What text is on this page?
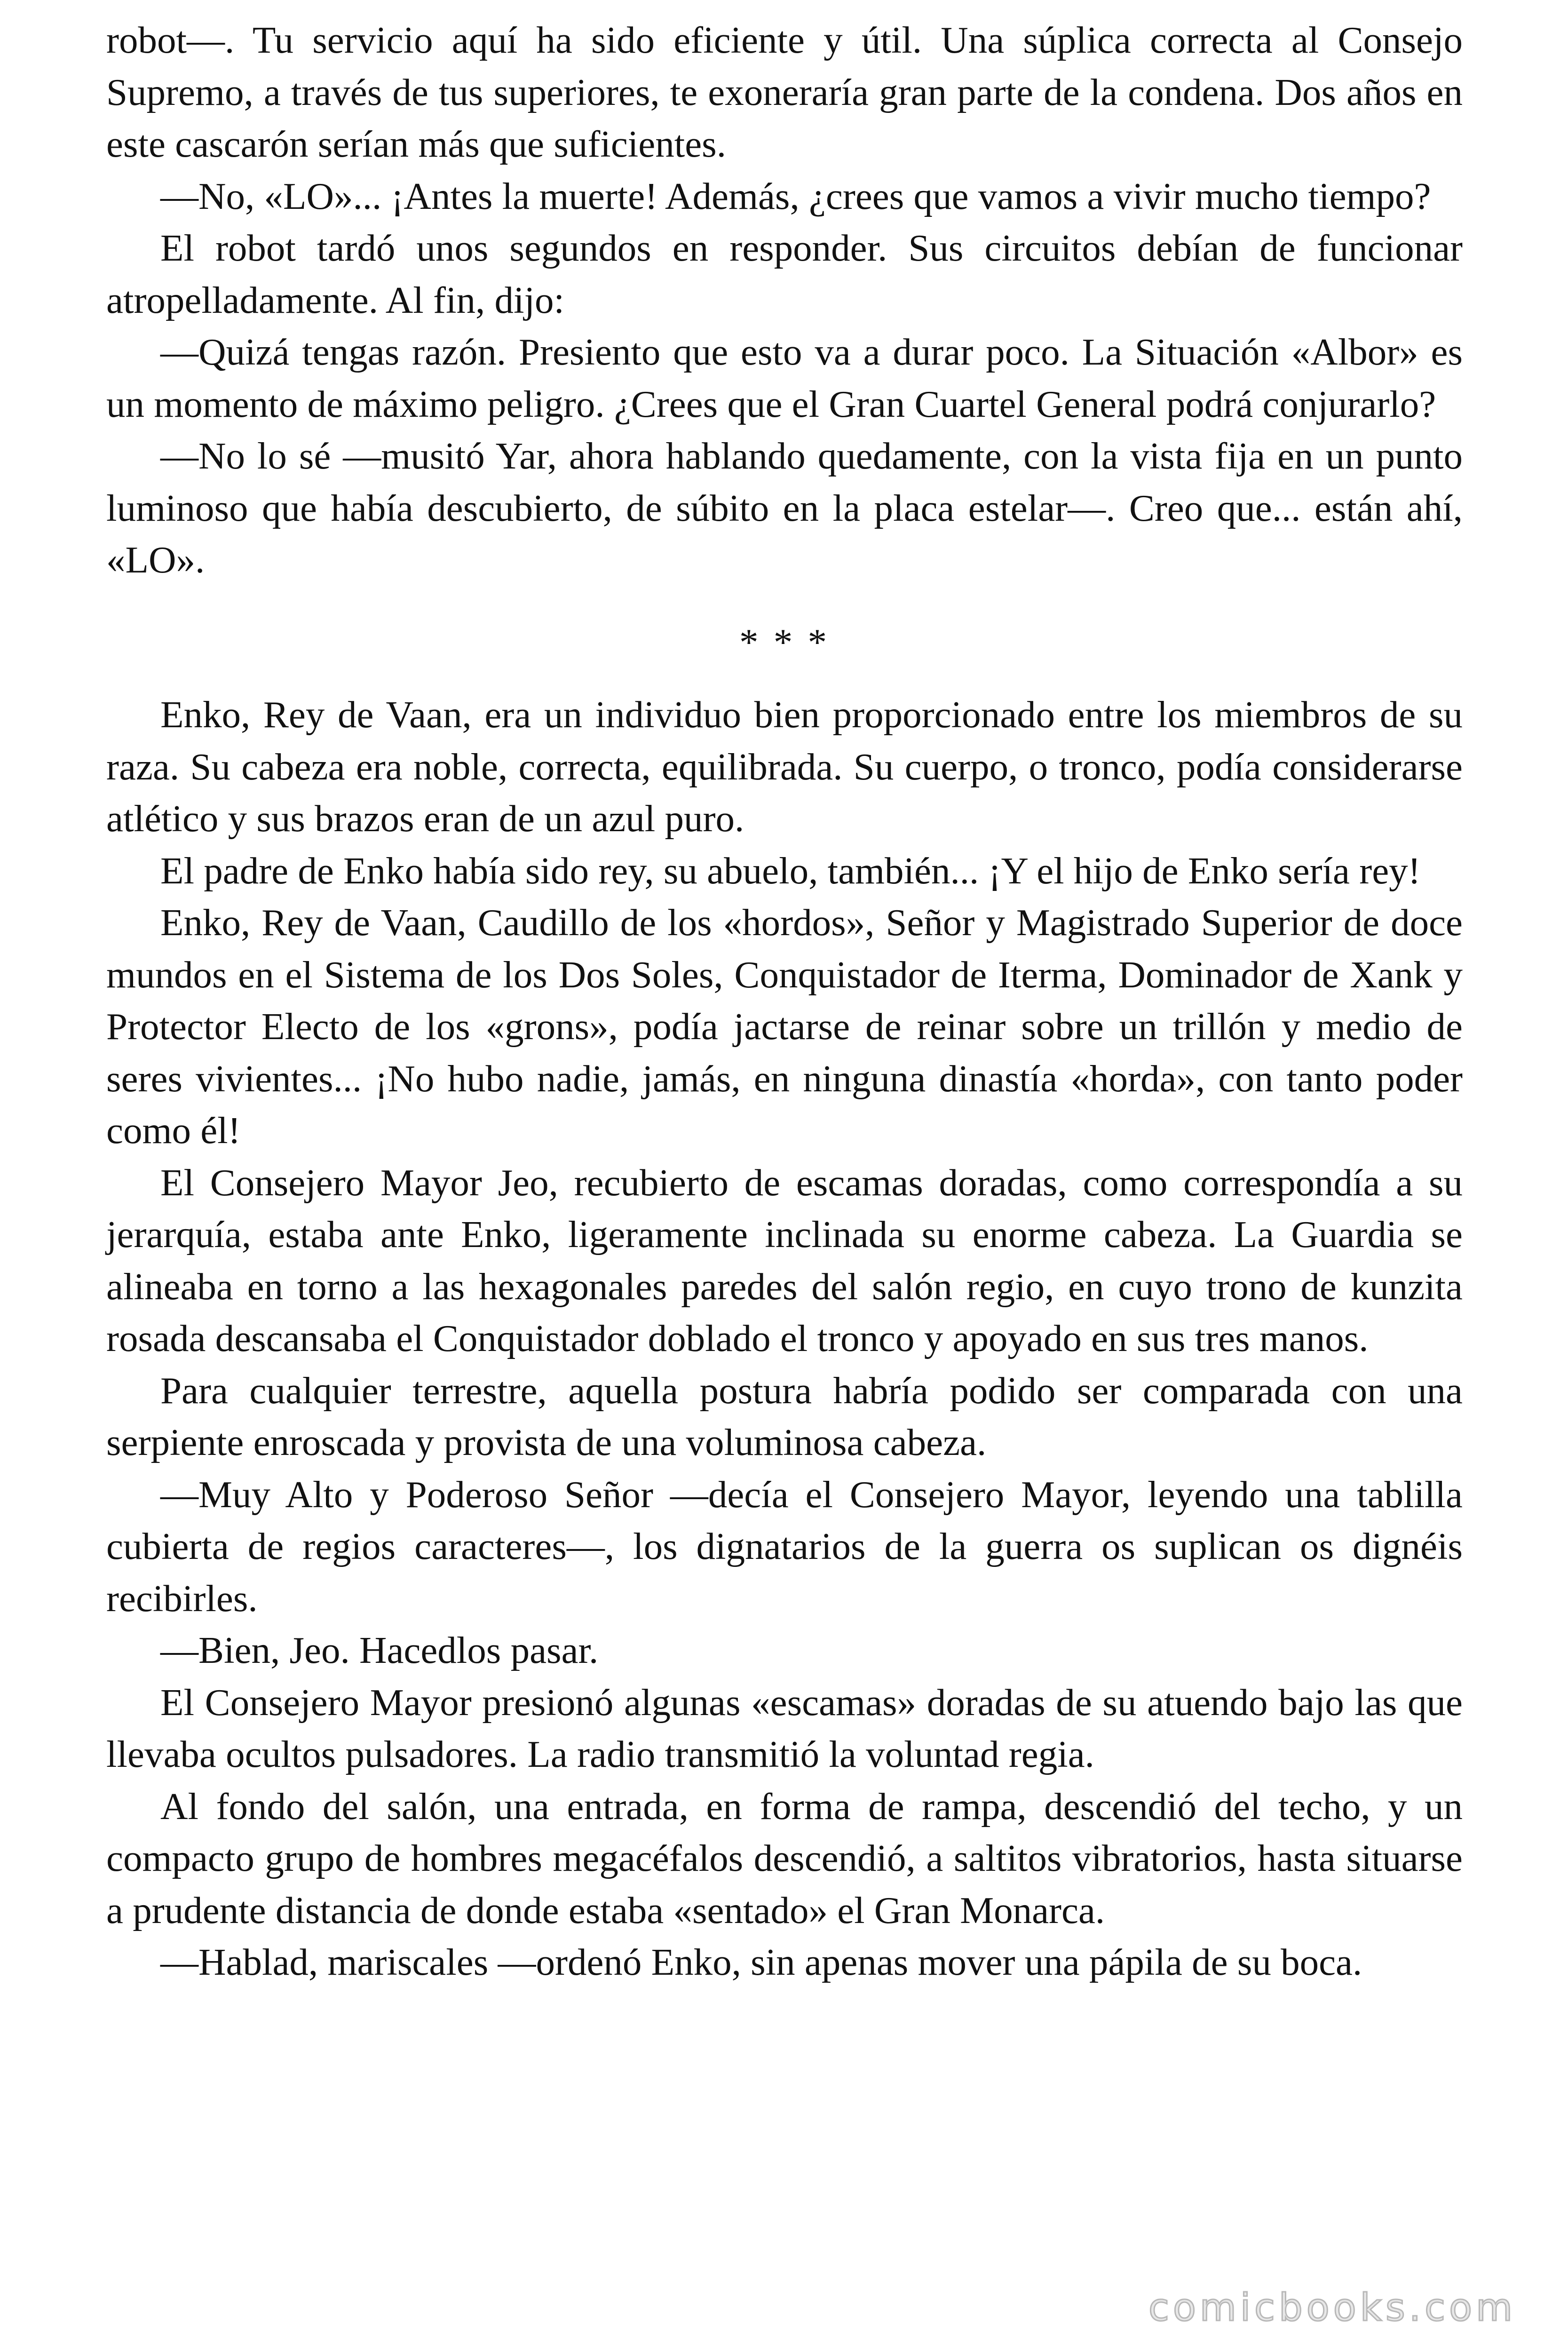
robot—. Tu servicio aquí ha sido eficiente y útil. Una súplica correcta al Consejo Supremo, a través de tus superiores, te exoneraría gran parte de la condena. Dos años en este cascarón serían más que suficientes.

—No, «LO»... ¡Antes la muerte! Además, ¿crees que vamos a vivir mucho tiempo?

El robot tardó unos segundos en responder. Sus circuitos debían de funcionar atropelladamente. Al fin, dijo:

—Quizá tengas razón. Presiento que esto va a durar poco. La Situación «Albor» es un momento de máximo peligro. ¿Crees que el Gran Cuartel General podrá conjurarlo?

—No lo sé —musitó Yar, ahora hablando quedamente, con la vista fija en un punto luminoso que había descubierto, de súbito en la placa estelar—. Creo que... están ahí, «LO».

* * *

Enko, Rey de Vaan, era un individuo bien proporcionado entre los miembros de su raza. Su cabeza era noble, correcta, equilibrada. Su cuerpo, o tronco, podía considerarse atlético y sus brazos eran de un azul puro.

El padre de Enko había sido rey, su abuelo, también... ¡Y el hijo de Enko sería rey!

Enko, Rey de Vaan, Caudillo de los «hordos», Señor y Magistrado Superior de doce mundos en el Sistema de los Dos Soles, Conquistador de Iterma, Dominador de Xank y Protector Electo de los «grons», podía jactarse de reinar sobre un trillón y medio de seres vivientes... ¡No hubo nadie, jamás, en ninguna dinastía «horda», con tanto poder como él!

El Consejero Mayor Jeo, recubierto de escamas doradas, como correspondía a su jerarquía, estaba ante Enko, ligeramente inclinada su enorme cabeza. La Guardia se alineaba en torno a las hexagonales paredes del salón regio, en cuyo trono de kunzita rosada descansaba el Conquistador doblado el tronco y apoyado en sus tres manos.

Para cualquier terrestre, aquella postura habría podido ser comparada con una serpiente enroscada y provista de una voluminosa cabeza.

—Muy Alto y Poderoso Señor —decía el Consejero Mayor, leyendo una tablilla cubierta de regios caracteres—, los dignatarios de la guerra os suplican os dignéis recibirles.

—Bien, Jeo. Hacedlos pasar.

El Consejero Mayor presionó algunas «escamas» doradas de su atuendo bajo las que llevaba ocultos pulsadores. La radio transmitió la voluntad regia.

Al fondo del salón, una entrada, en forma de rampa, descendió del techo, y un compacto grupo de hombres megacéfalos descendió, a saltitos vibratorios, hasta situarse a prudente distancia de donde estaba «sentado» el Gran Monarca.

—Hablad, mariscales —ordenó Enko, sin apenas mover una pápila de su boca.

comicbooks.com
